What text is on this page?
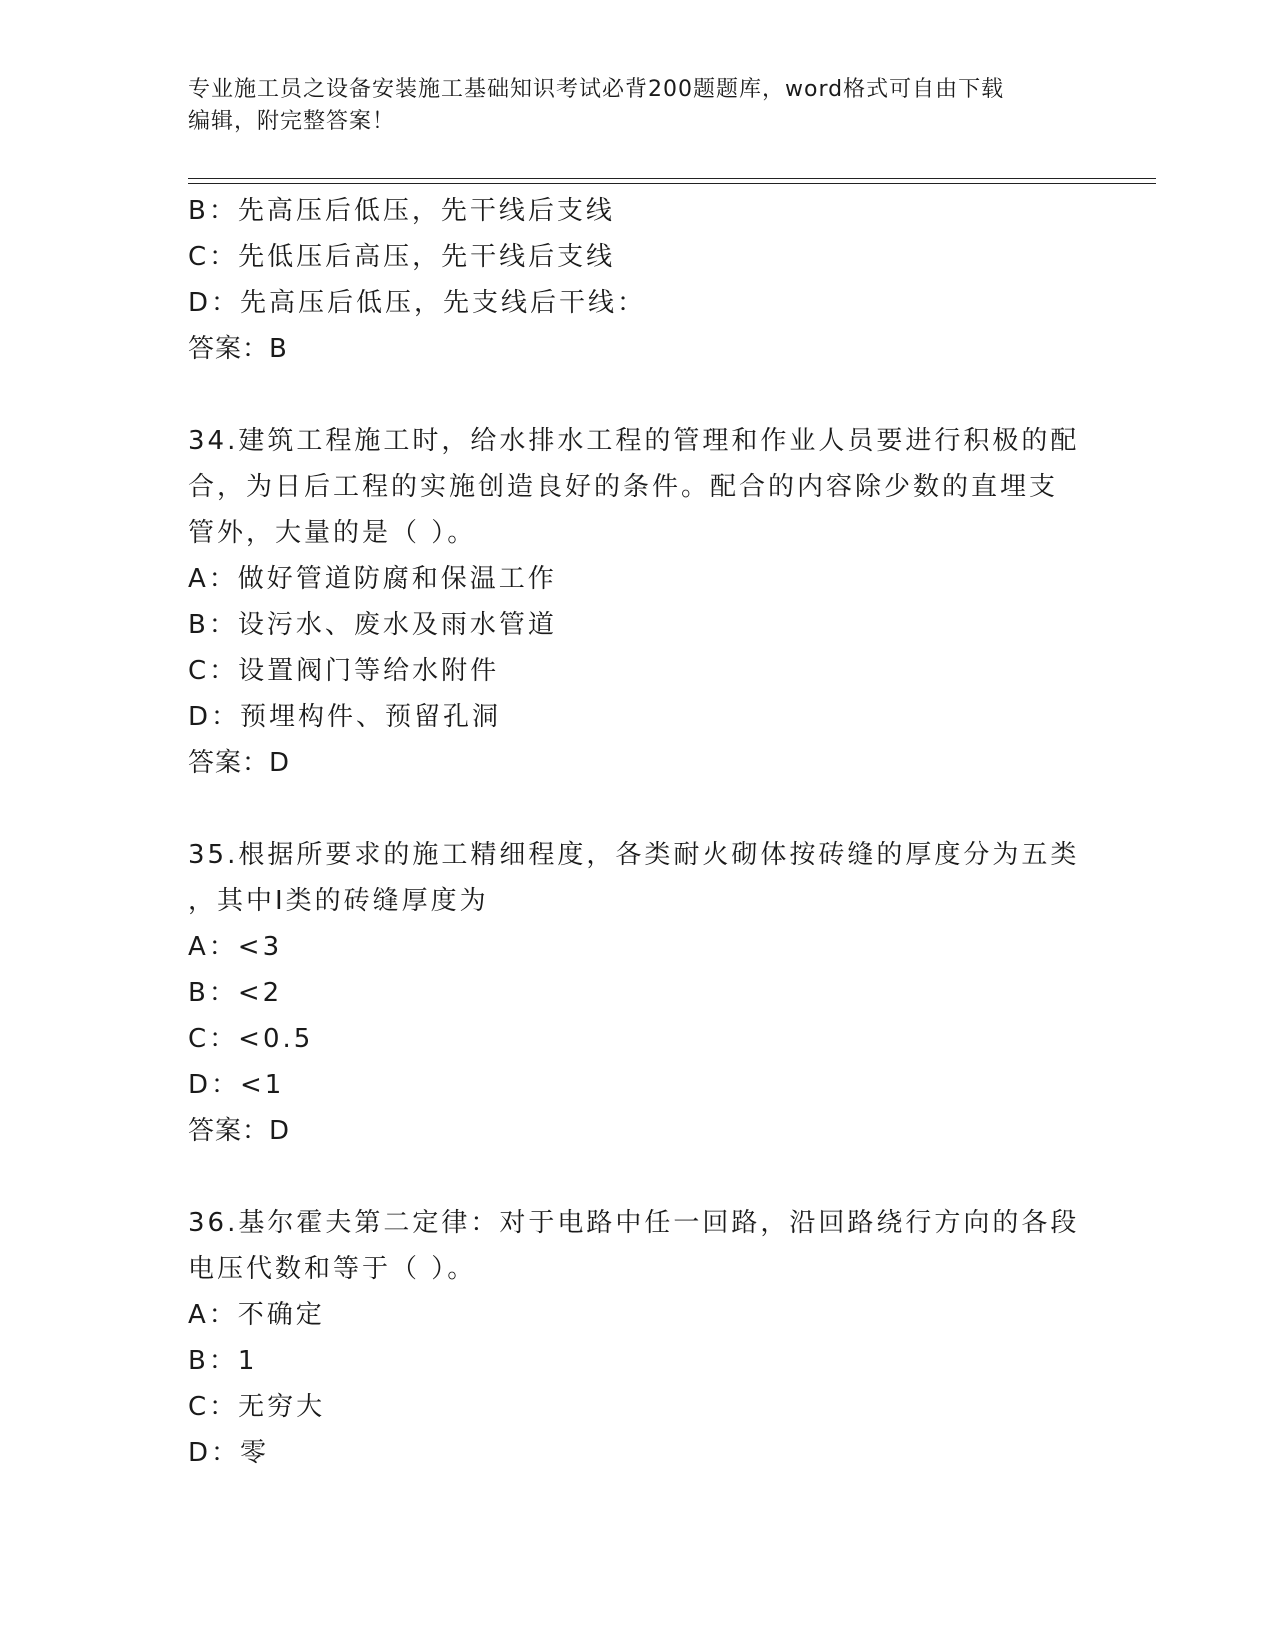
专业施工员之设备安装施工基础知识考试必背200题题库，word格式可自由下载
编辑，附完整答案！
B：先高压后低压，先干线后支线
C：先低压后高压，先干线后支线
D：先高压后低压，先支线后干线：
答案：B
34.建筑工程施工时，给水排水工程的管理和作业人员要进行积极的配
合，为日后工程的实施创造良好的条件。配合的内容除少数的直埋支
管外，大量的是（ ）。
A：做好管道防腐和保温工作
B：设污水、废水及雨水管道
C：设置阀门等给水附件
D：预埋构件、预留孔洞
答案：D
35.根据所要求的施工精细程度，各类耐火砌体按砖缝的厚度分为五类
，其中Ⅰ类的砖缝厚度为
A：<3
B：<2
C：<0.5
D：<1
答案：D
36.基尔霍夫第二定律：对于电路中任一回路，沿回路绕行方向的各段
电压代数和等于（ ）。
A：不确定
B：1
C：无穷大
D：零
